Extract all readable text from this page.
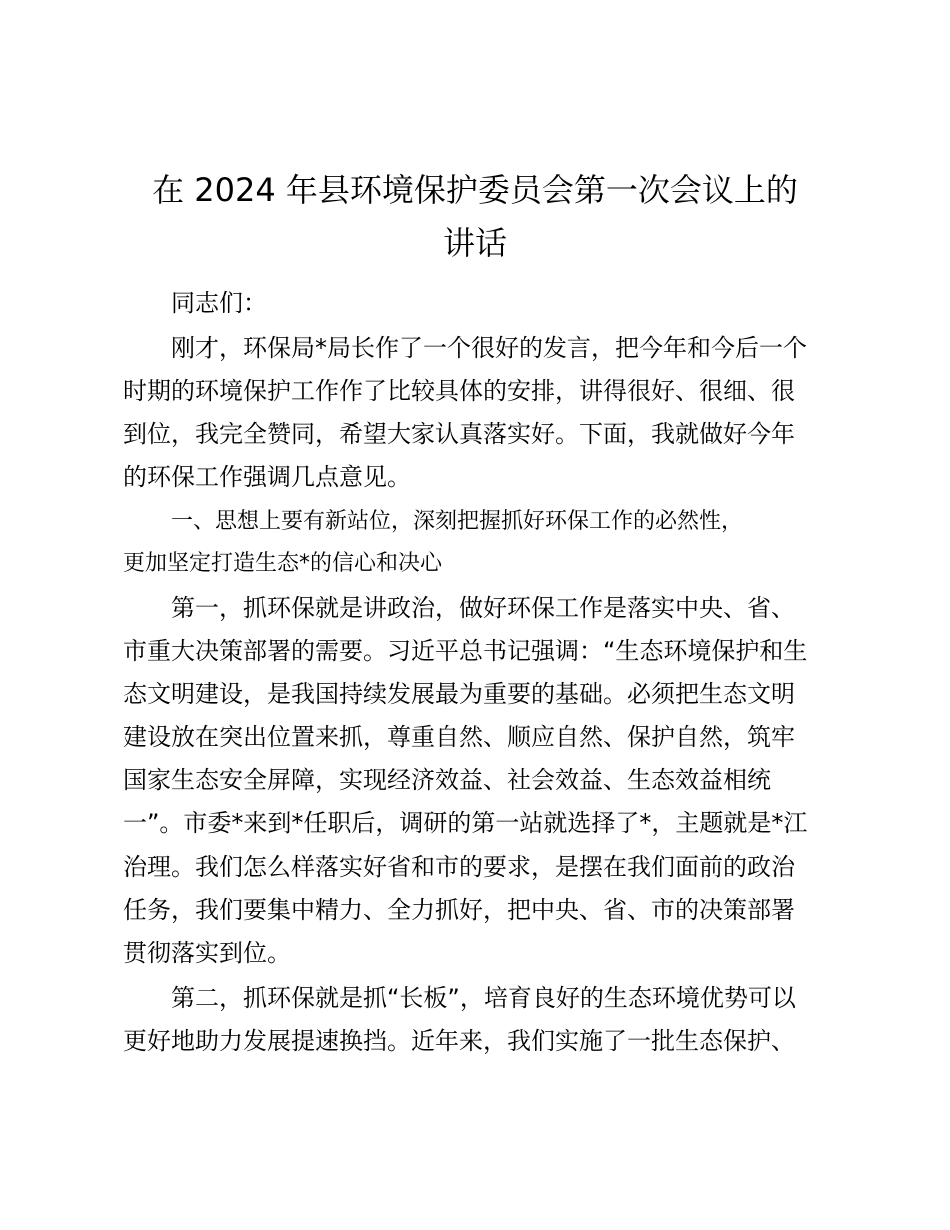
在 2024 年县环境保护委员会第一次会议上的
讲话

同志们：

刚才，环保局*局长作了一个很好的发言，把今年和今后一个

时期的环境保护工作作了比较具体的安排，讲得很好、很细、很

到位，我完全赞同，希望大家认真落实好。下面，我就做好今年

的环保工作强调几点意见。

一、思想上要有新站位，深刻把握抓好环保工作的必然性，

更加坚定打造生态*的信心和决心

第一，抓环保就是讲政治，做好环保工作是落实中央、省、

市重大决策部署的需要。习近平总书记强调：“生态环境保护和生

态文明建设，是我国持续发展最为重要的基础。必须把生态文明

建设放在突出位置来抓，尊重自然、顺应自然、保护自然，筑牢

国家生态安全屏障，实现经济效益、社会效益、生态效益相统

一”。市委*来到*任职后，调研的第一站就选择了*，主题就是*江

治理。我们怎么样落实好省和市的要求，是摆在我们面前的政治

任务，我们要集中精力、全力抓好，把中央、省、市的决策部署

贯彻落实到位。

第二，抓环保就是抓“长板”，培育良好的生态环境优势可以

更好地助力发展提速换挡。近年来，我们实施了一批生态保护、
